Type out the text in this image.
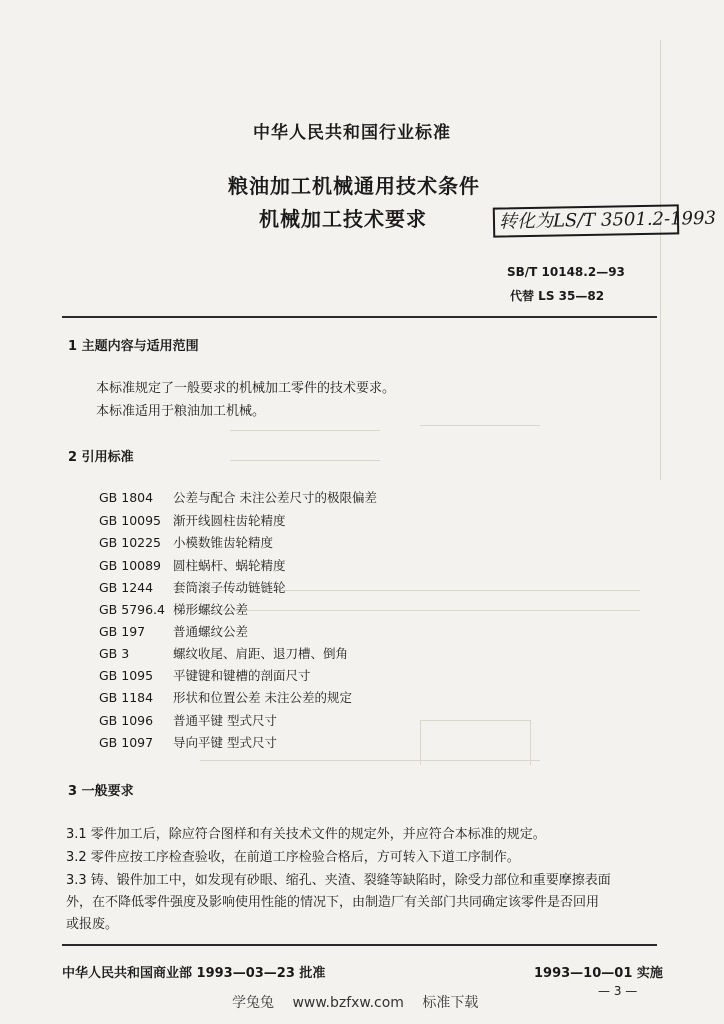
中华人民共和国行业标准
粮油加工机械通用技术条件
机械加工技术要求	转化为LS/T 3501.2-1993
SB/T 10148.2—93
代替 LS 35—82
1 主题内容与适用范围
本标准规定了一般要求的机械加工零件的技术要求。
本标准适用于粮油加工机械。
2 引用标准
GB 1804 公差与配合 未注公差尺寸的极限偏差
GB 10095 渐开线圆柱齿轮精度
GB 10225 小模数锥齿轮精度
GB 10089 圆柱蜗杆、蜗轮精度
GB 1244 套筒滚子传动链链轮
GB 5796.4 梯形螺纹公差
GB 197 普通螺纹公差
GB 3	螺纹收尾、肩距、退刀槽、倒角
GB 1095 平键键和键槽的剖面尺寸
GB 1184 形状和位置公差 未注公差的规定
GB 1096 普通平键 型式尺寸
GB 1097 导向平键 型式尺寸
3 一般要求
3.1 零件加工后，除应符合图样和有关技术文件的规定外，并应符合本标准的规定。
3.2 零件应按工序检查验收，在前道工序检验合格后，方可转入下道工序制作。
3.3 铸、锻件加工中，如发现有砂眼、缩孔、夹渣、裂缝等缺陷时，除受力部位和重要摩擦表面
外，在不降低零件强度及影响使用性能的情况下，由制造厂有关部门共同确定该零件是否回用
或报废。
中华人民共和国商业部 1993—03—23 批准	1993—10—01 实施
— 3 —
学兔兔 www.bzfxw.com 标准下载
